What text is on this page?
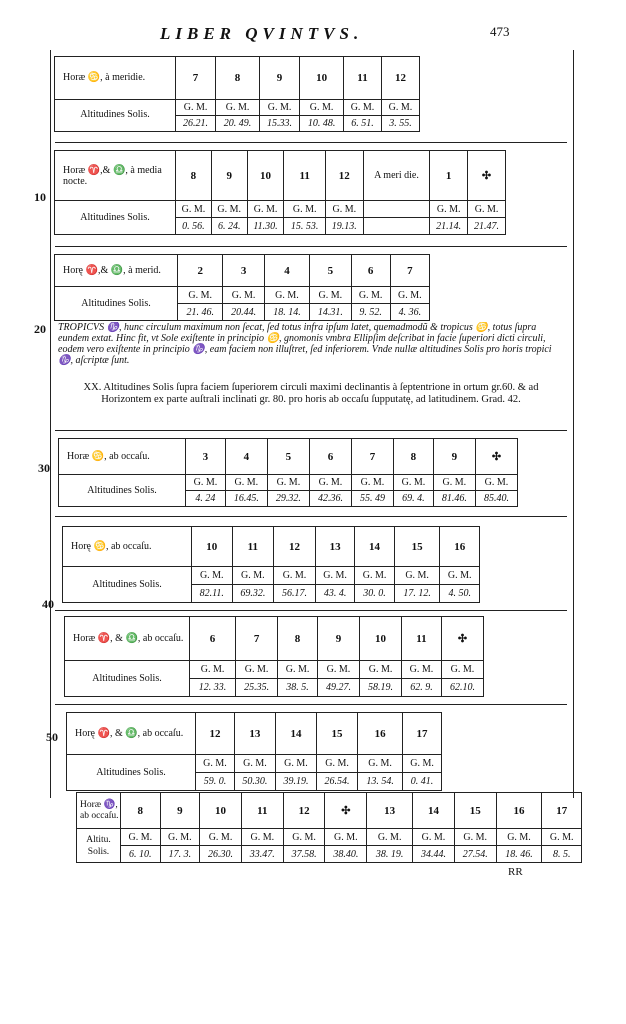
LIBER QVINTVS.	473
10
20
30
40
50
Horæ ♋, à meridie.	7	8	9	10	11	12
Altitudines Solis.	G. M.	G. M.	G. M.	G. M.	G. M.	G. M.
	26.21.	20. 49.	15.33.	10. 48.	6. 51.	3. 55.
Horæ ♈,& ♎, à media nocte.	8	9	10	11	12	A meri die.	1	✣
Altitudines Solis.	G. M.	G. M.	G. M.	G. M.	G. M.		G. M.	G. M.
	0. 56.	6. 24.	11.30.	15. 53.	19.13.		21.14.	21.47.
Horę ♈,& ♎, à merid.	2	3	4	5	6	7
Altitudines Solis.	G. M.	G. M.	G. M.	G. M.	G. M.	G. M.
	21. 46.	20.44.	18. 14.	14.31.	9. 52.	4. 36.
TROPICVS ♑, hunc circulum maximum non ſecat, ſed totus infra ipſum latet, quemadmodũ & tropicus ♋, totus ſupra eundem extat. Hinc fit, vt Sole exiſtente in principio ♋, gnomonis vmbra Ellipſim deſcribat in facie ſuperiori dicti circuli, eodem vero exiſtente in principio ♑, eam faciem non illuſtret, ſed inferiorem. Vnde nullæ altitudines Solis pro horis tropici ♑, aſcriptæ ſunt.
XX. Altitudines Solis ſupra faciem ſuperiorem circuli maximi declinantis à ſeptentrione in ortum gr.60. & ad Horizontem ex parte auſtrali inclinati gr. 80. pro horis ab occaſu ſupputatę, ad latitudinem. Grad. 42.
Horæ ♋, ab occaſu.	3	4	5	6	7	8	9	✣
Altitudines Solis.	G. M.	G. M.	G. M.	G. M.	G. M.	G. M.	G. M.	G. M.
	4. 24	16.45.	29.32.	42.36.	55. 49	69. 4.	81.46.	85.40.
Horę ♋, ab occaſu.	10	11	12	13	14	15	16
Altitudines Solis.	G. M.	G. M.	G. M.	G. M.	G. M.	G. M.	G. M.
	82.11.	69.32.	56.17.	43. 4.	30. 0.	17. 12.	4. 50.
Horæ ♈, & ♎, ab occaſu.	6	7	8	9	10	11	✣
Altitudines Solis.	G. M.	G. M.	G. M.	G. M.	G. M.	G. M.	G. M.
	12. 33.	25.35.	38. 5.	49.27.	58.19.	62. 9.	62.10.
Horę ♈, & ♎, ab occaſu.	12	13	14	15	16	17
Altitudines Solis.	G. M.	G. M.	G. M.	G. M.	G. M.	G. M.
	59. 0.	50.30.	39.19.	26.54.	13. 54.	0. 41.
Horæ ♑, ab occaſu.	8	9	10	11	12	✣	13	14	15	16	17
Altitu. Solis.	G. M.	G. M.	G. M.	G. M.	G. M.	G. M.	G. M.	G. M.	G. M.	G. M.	G. M.
	6. 10.	17. 3.	26.30.	33.47.	37.58.	38.40.	38. 19.	34.44.	27.54.	18. 46.	8. 5.
RR
